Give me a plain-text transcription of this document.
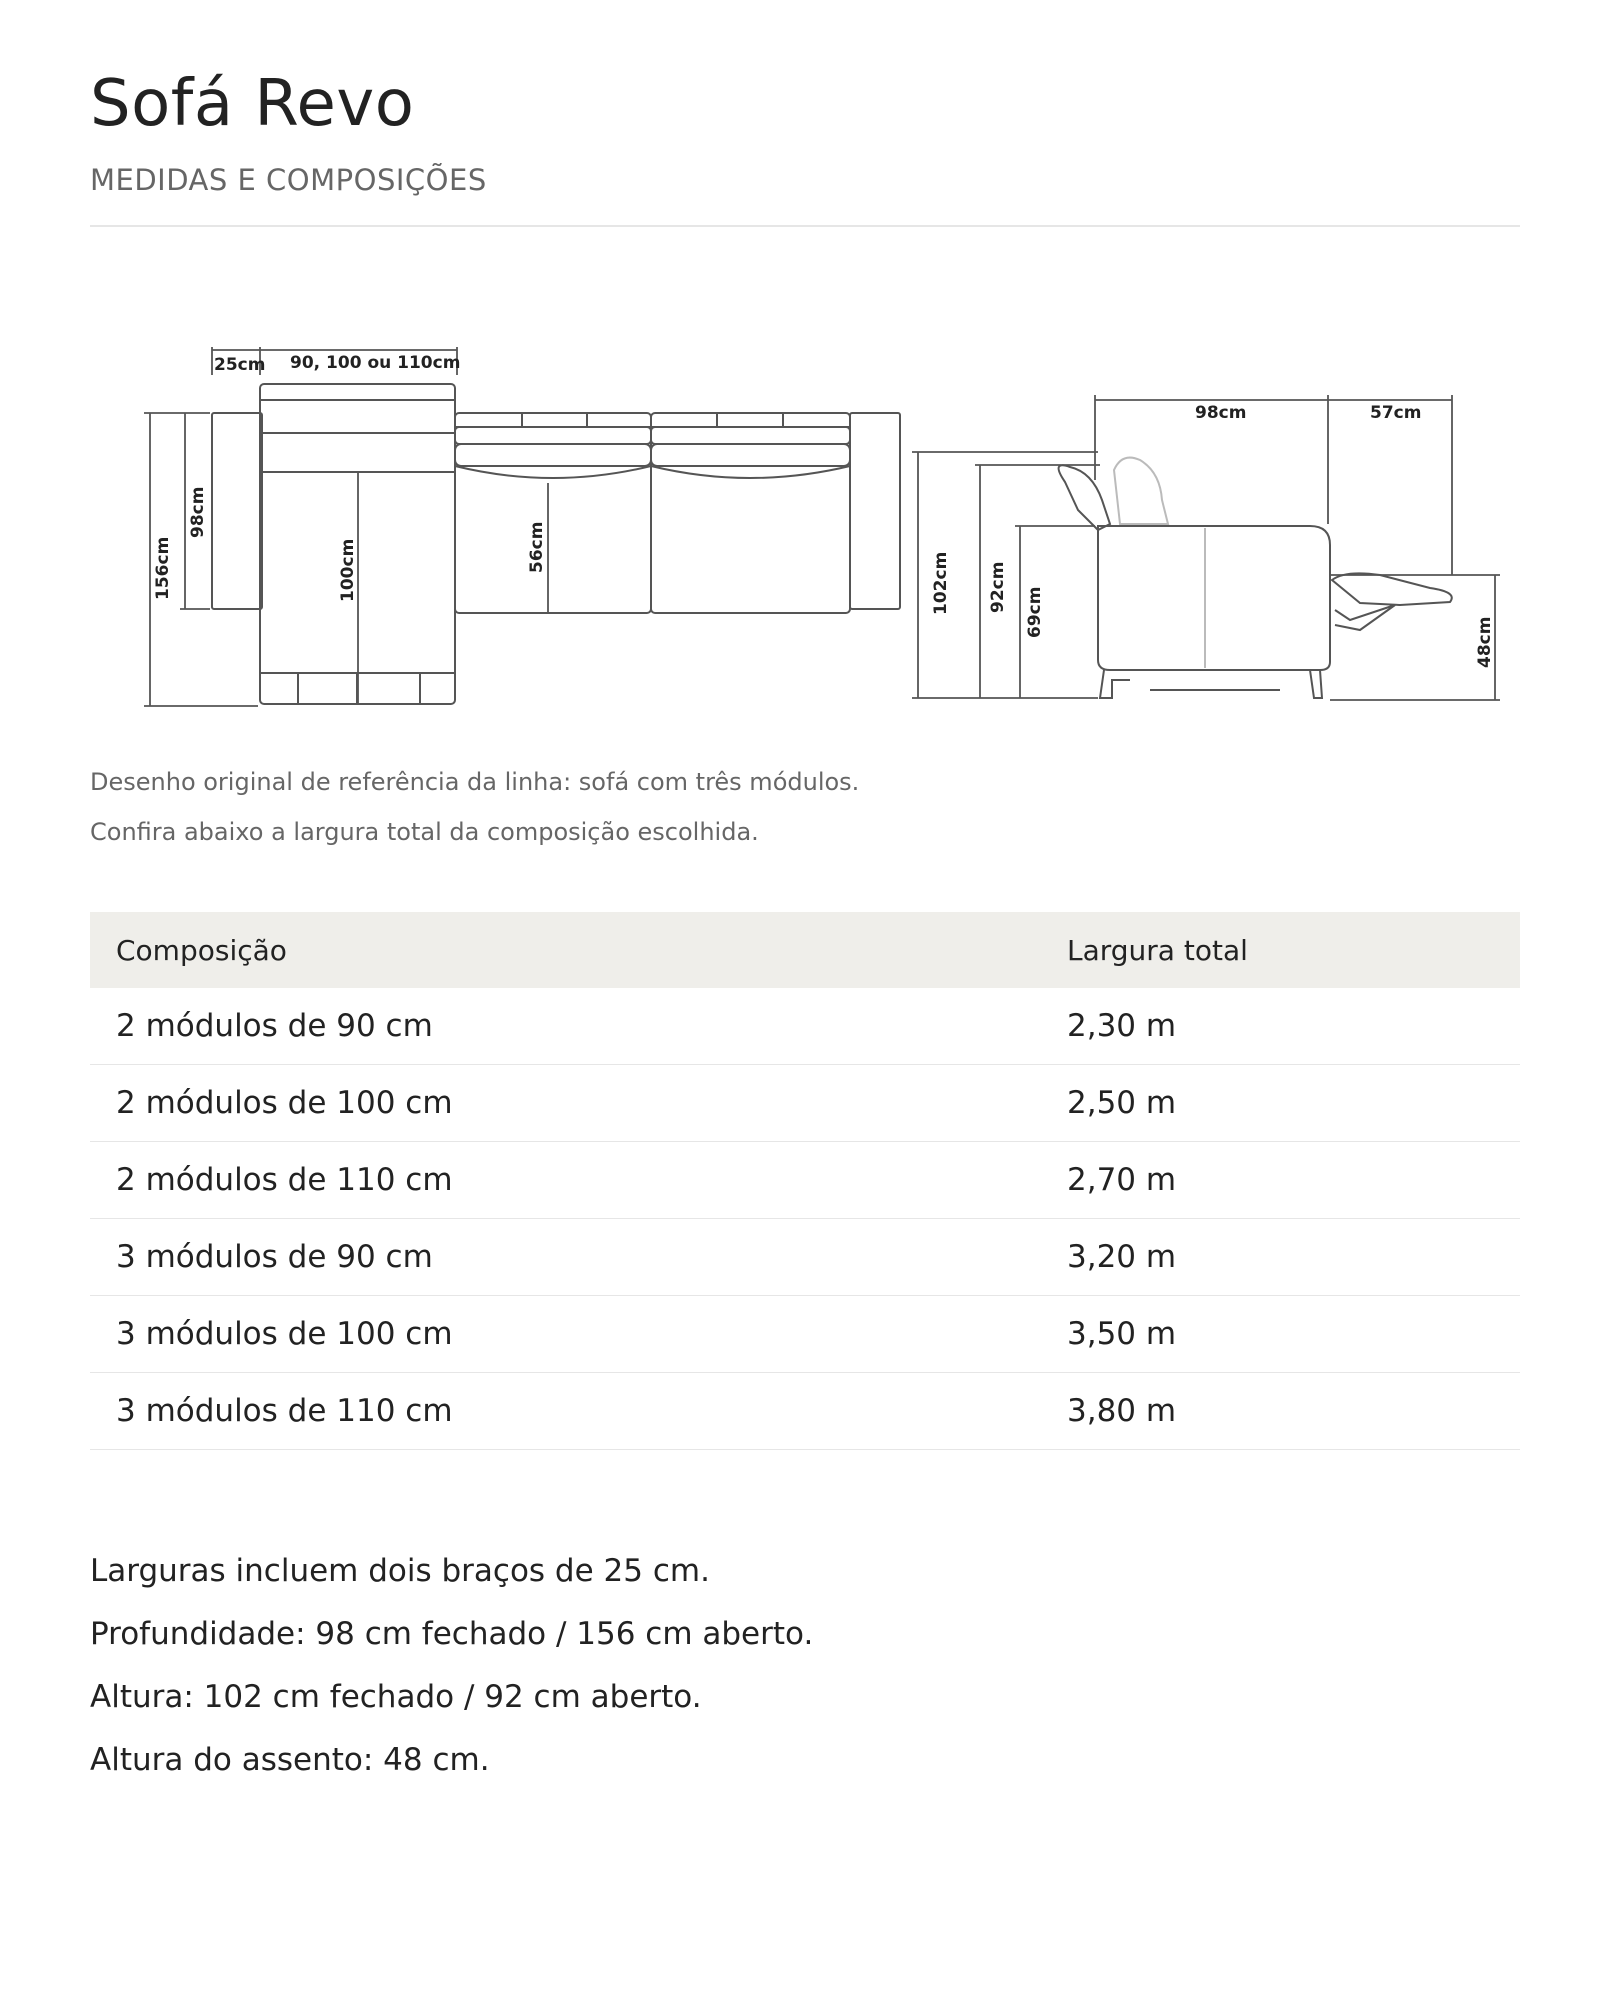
25cm 90, 100 ou 110cm
156cm
98cm
100cm	56cm
98cm	57cm
102cm 92cm 69cm
48cm
Sofá Revo
MEDIDAS E COMPOSIÇÕES
Desenho original de referência da linha: sofá com três módulos.
Confira abaixo a largura total da composição escolhida.
Composição	Largura total
2 módulos de 90 cm	2,30 m
2 módulos de 100 cm	2,50 m
2 módulos de 110 cm	2,70 m
3 módulos de 90 cm	3,20 m
3 módulos de 100 cm	3,50 m
3 módulos de 110 cm	3,80 m
Larguras incluem dois braços de 25 cm.
Profundidade: 98 cm fechado / 156 cm aberto.
Altura: 102 cm fechado / 92 cm aberto.
Altura do assento: 48 cm.
